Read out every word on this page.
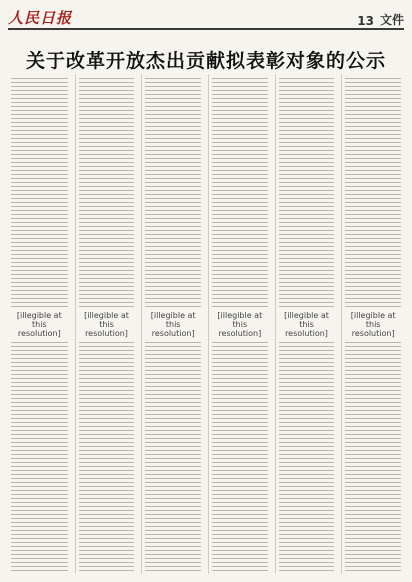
人民日报	13 文件
关于改革开放杰出贡献拟表彰对象的公示
[illegible at this resolution]
[illegible at this resolution]
[illegible at this resolution]
[illegible at this resolution]
[illegible at this resolution]
[illegible at this resolution]
